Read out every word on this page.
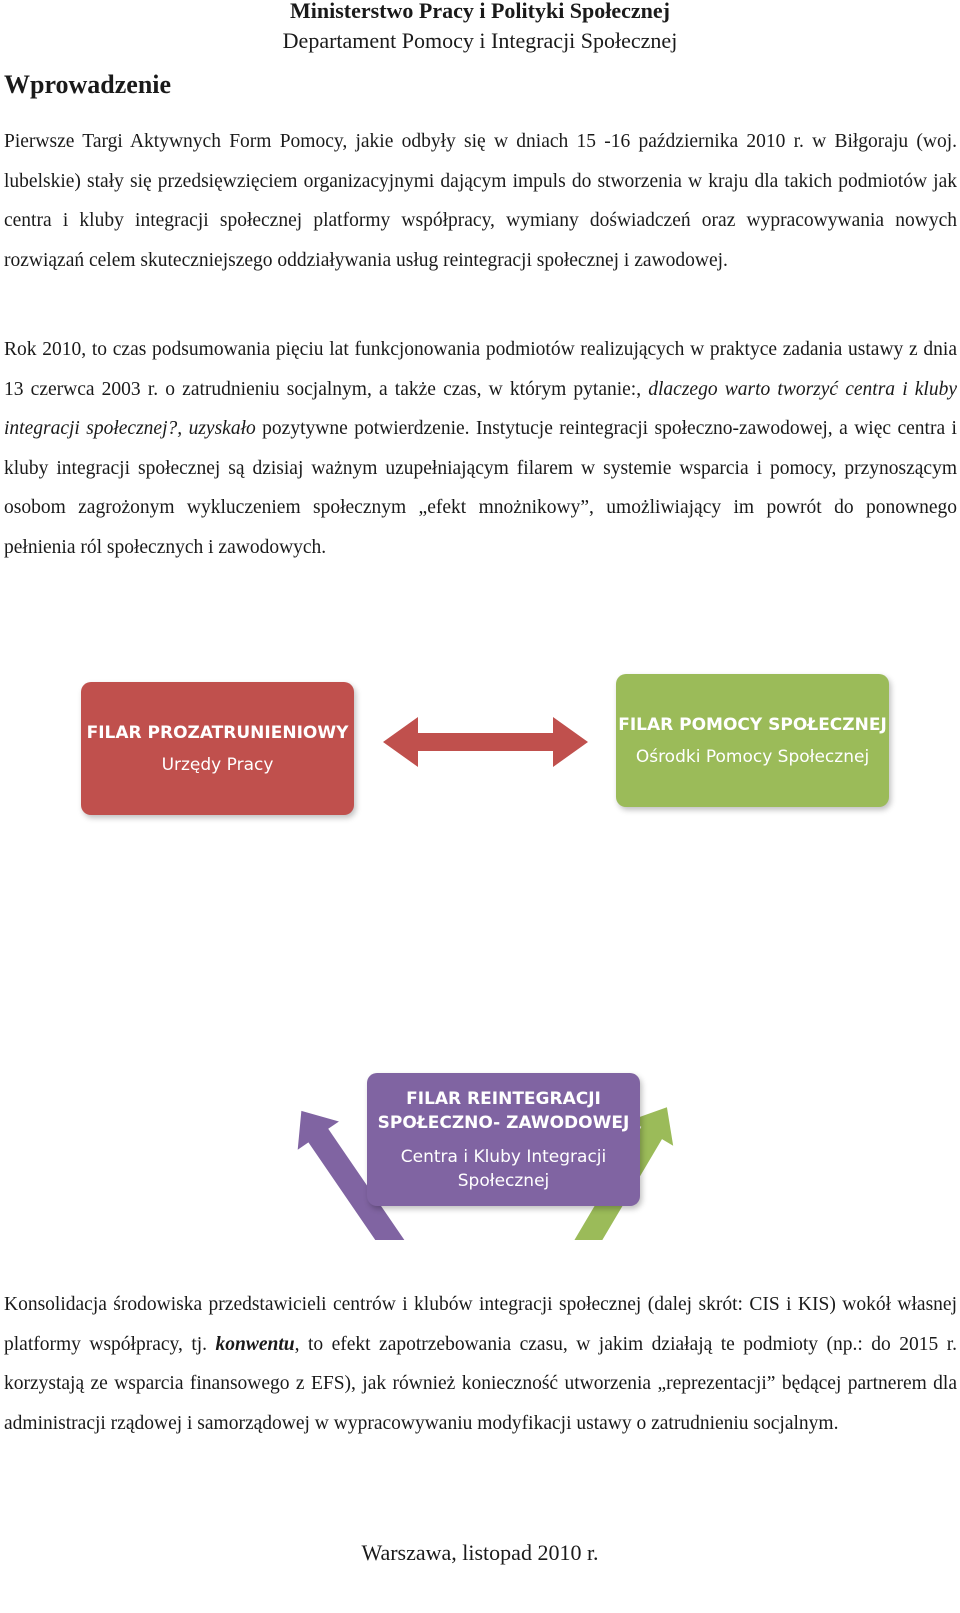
Ministerstwo Pracy i Polityki Społecznej
Departament Pomocy i Integracji Społecznej
Wprowadzenie

Pierwsze Targi Aktywnych Form Pomocy, jakie odbyły się w dniach 15 -16 października 2010 r. w Biłgoraju (woj. lubelskie) stały się przedsięwzięciem organizacyjnymi dającym impuls do stworzenia w kraju dla takich podmiotów jak centra i kluby integracji społecznej platformy współpracy, wymiany doświadczeń oraz wypracowywania nowych rozwiązań celem skuteczniejszego oddziaływania usług reintegracji społecznej i zawodowej.

Rok 2010, to czas podsumowania pięciu lat funkcjonowania podmiotów realizujących w praktyce zadania ustawy z dnia 13 czerwca 2003 r. o zatrudnieniu socjalnym, a także czas, w którym pytanie:, dlaczego warto tworzyć centra i kluby integracji społecznej?, uzyskało pozytywne potwierdzenie. Instytucje reintegracji społeczno-zawodowej, a więc centra i kluby integracji społecznej są dzisiaj ważnym uzupełniającym filarem w systemie wsparcia i pomocy, przynoszącym osobom zagrożonym wykluczeniem społecznym „efekt mnożnikowy”, umożliwiający im powrót do ponownego pełnienia ról społecznych i zawodowych.

FILAR PROZATRUNIENIOWY
Urzędy Pracy
FILAR POMOCY SPOŁECZNEJ
Ośrodki Pomocy Społecznej
FILAR REINTEGRACJI
SPOŁECZNO- ZAWODOWEJ
Centra i Kluby Integracji
Społecznej

Konsolidacja środowiska przedstawicieli centrów i klubów integracji społecznej (dalej skrót: CIS i KIS) wokół własnej platformy współpracy, tj. konwentu, to efekt zapotrzebowania czasu, w jakim działają te podmioty (np.: do 2015 r. korzystają ze wsparcia finansowego z EFS), jak również konieczność utworzenia „reprezentacji” będącej partnerem dla administracji rządowej i samorządowej w wypracowywaniu modyfikacji ustawy o zatrudnieniu socjalnym.

Warszawa, listopad 2010 r.
